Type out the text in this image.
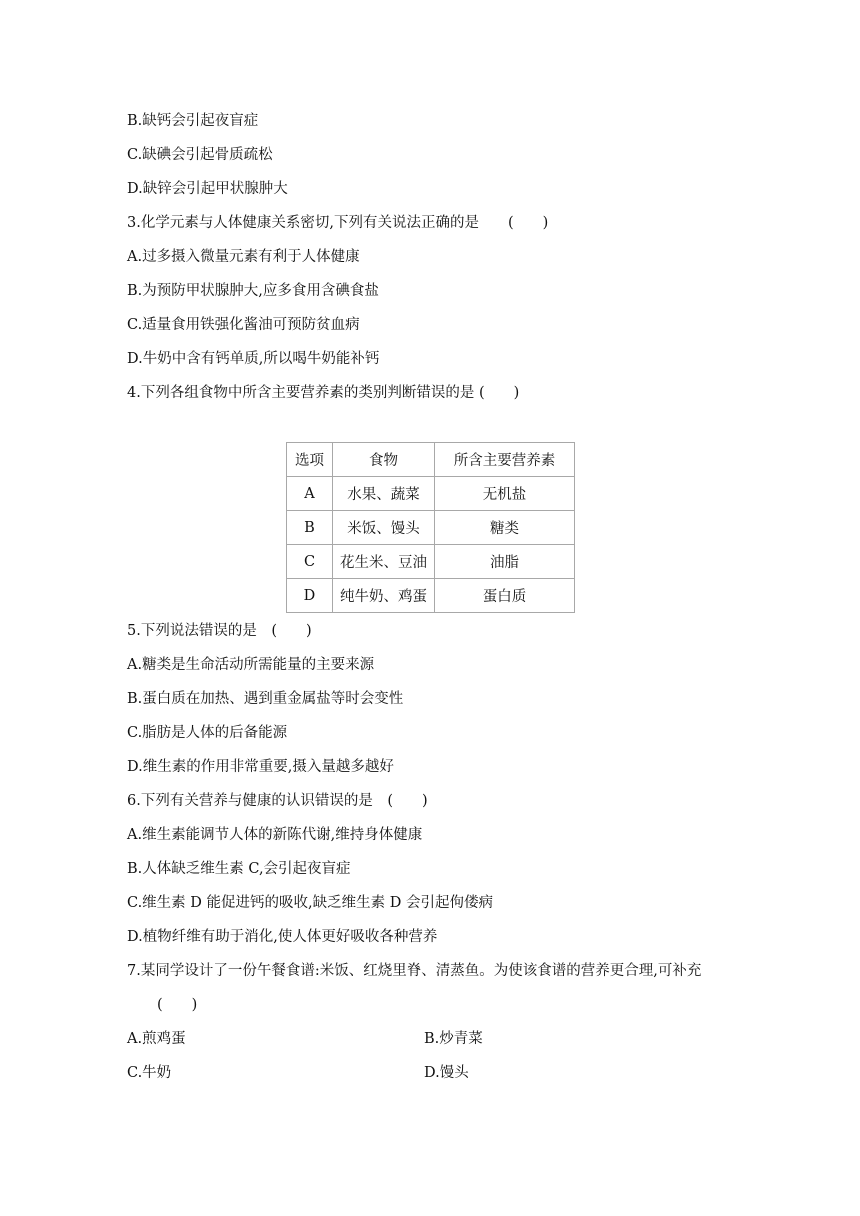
B.缺钙会引起夜盲症
C.缺碘会引起骨质疏松
D.缺锌会引起甲状腺肿大
3.化学元素与人体健康关系密切,下列有关说法正确的是　　(　　)
A.过多摄入微量元素有利于人体健康
B.为预防甲状腺肿大,应多食用含碘食盐
C.适量食用铁强化酱油可预防贫血病
D.牛奶中含有钙单质,所以喝牛奶能补钙
4.下列各组食物中所含主要营养素的类别判断错误的是 (　　)
选项	食物	所含主要营养素
A	水果、蔬菜	无机盐
B	米饭、馒头	糖类
C	花生米、豆油	油脂
D	纯牛奶、鸡蛋	蛋白质
5.下列说法错误的是　(　　)
A.糖类是生命活动所需能量的主要来源
B.蛋白质在加热、遇到重金属盐等时会变性
C.脂肪是人体的后备能源
D.维生素的作用非常重要,摄入量越多越好
6.下列有关营养与健康的认识错误的是　(　　)
A.维生素能调节人体的新陈代谢,维持身体健康
B.人体缺乏维生素 C,会引起夜盲症
C.维生素 D 能促进钙的吸收,缺乏维生素 D 会引起佝偻病
D.植物纤维有助于消化,使人体更好吸收各种营养
7.某同学设计了一份午餐食谱:米饭、红烧里脊、清蒸鱼。为使该食谱的营养更合理,可补充
(　　)
A.煎鸡蛋	B.炒青菜
C.牛奶	D.馒头
